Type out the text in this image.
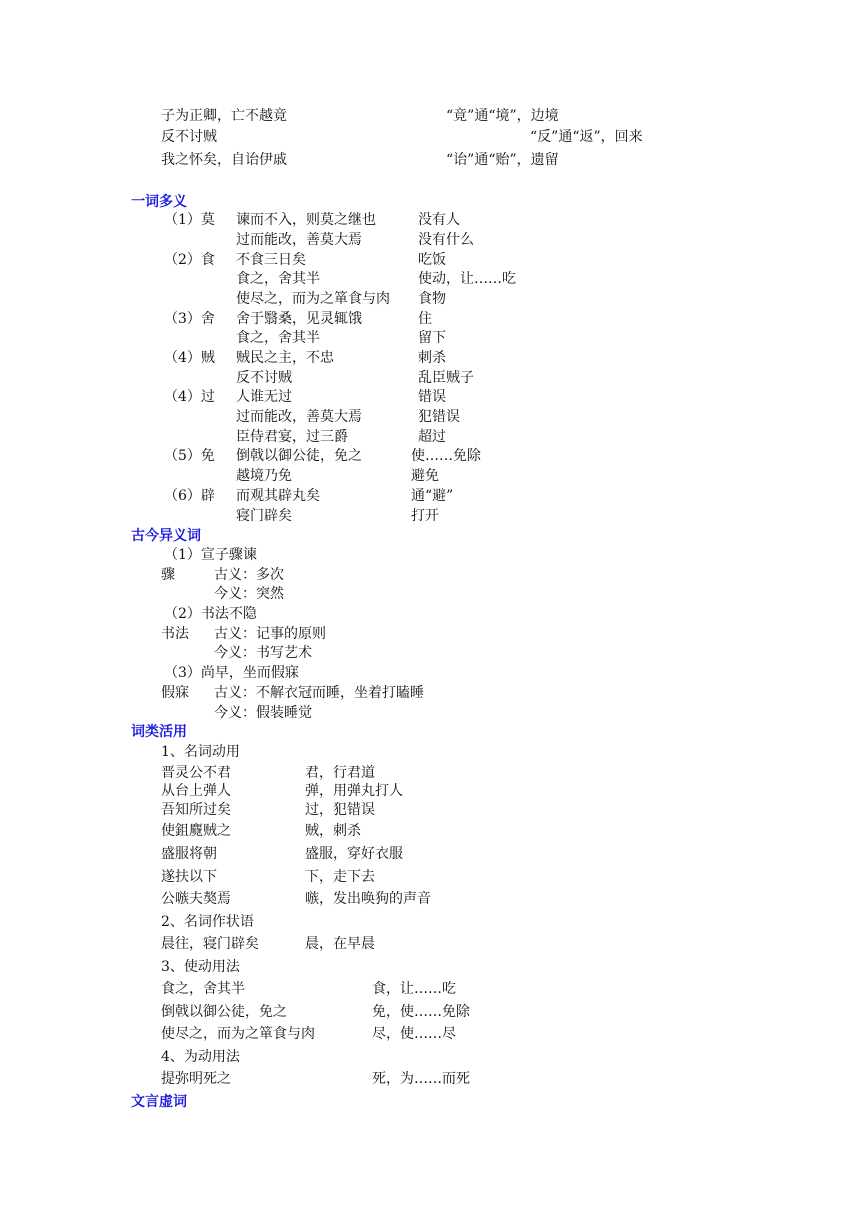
子为正卿，亡不越竟	“竟”通“境”，边境
反不讨贼	“反”通“返”，回来
我之怀矣，自诒伊戚	“诒”通“贻”，遗留
一词多义
（1）莫 谏而不入，则莫之继也	没有人
过而能改，善莫大焉	没有什么
（2）食 不食三日矣	吃饭
食之，舍其半	使动，让……吃
使尽之，而为之箪食与肉 食物
（3）舍 舍于翳桑，见灵辄饿	住
食之，舍其半	留下
（4）贼 贼民之主，不忠	刺杀
反不讨贼	乱臣贼子
（4）过 人谁无过	错误
过而能改，善莫大焉	犯错误
臣侍君宴，过三爵	超过
（5）免 倒戟以御公徒，免之	使……免除
越境乃免	避免
（6）辟 而观其辟丸矣	通“避”
寝门辟矣	打开
古今异义词
（1）宣子骤谏
骤	古义：多次
今义：突然
（2）书法不隐
书法 古义：记事的原则
今义：书写艺术
（3）尚早，坐而假寐
假寐 古义：不解衣冠而睡，坐着打瞌睡
今义：假装睡觉
词类活用
1、名词动用
晋灵公不君	君，行君道
从台上弹人	弹，用弹丸打人
吾知所过矣	过，犯错误
使鉏麑贼之	贼，刺杀
盛服将朝	盛服，穿好衣服
遂扶以下	下，走下去
公嗾夫獒焉	嗾，发出唤狗的声音
2、名词作状语
晨往，寝门辟矣	晨，在早晨
3、使动用法
食之，舍其半	食，让……吃
倒戟以御公徒，免之	免，使……免除
使尽之，而为之箪食与肉	尽，使……尽
4、为动用法
提弥明死之	死，为……而死
文言虚词
